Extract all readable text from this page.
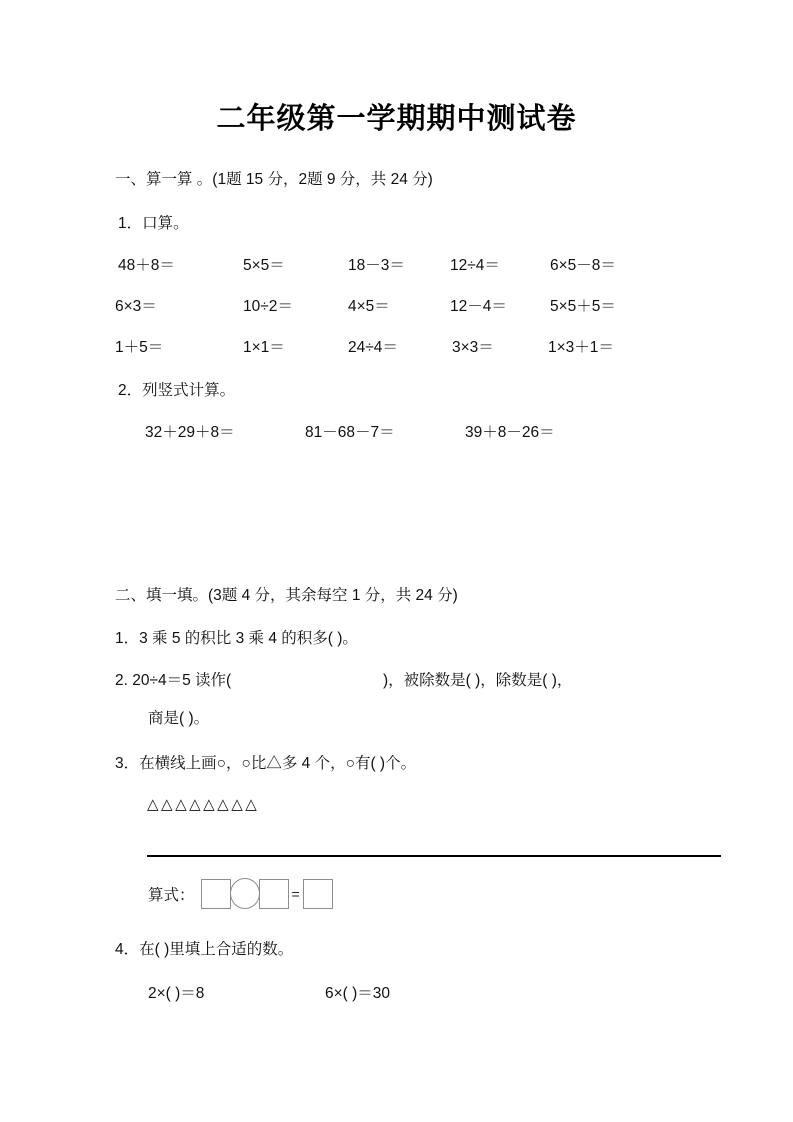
二年级第一学期期中测试卷
一、算一算 。(1题 15 分，2题 9 分，共 24 分)
1．口算。
48＋8＝	5×5＝	18－3＝	12÷4＝	6×5－8＝
6×3＝	10÷2＝	4×5＝	12－4＝	5×5＋5＝
1＋5＝	1×1＝	24÷4＝	3×3＝	1×3＋1＝
2．列竖式计算。
32＋29＋8＝	81－68－7＝	39＋8－26＝
二、填一填。(3题 4 分，其余每空 1 分，共 24 分)
1．3 乘 5 的积比 3 乘 4 的积多( )。
2. 20÷4＝5 读作(	)，被除数是( )，除数是( )，
商是( )。
3．在横线上画○，○比△多 4 个，○有( )个。
△△△△△△△△
算式：	=
4．在( )里填上合适的数。
2×( )＝8	6×( )＝30
